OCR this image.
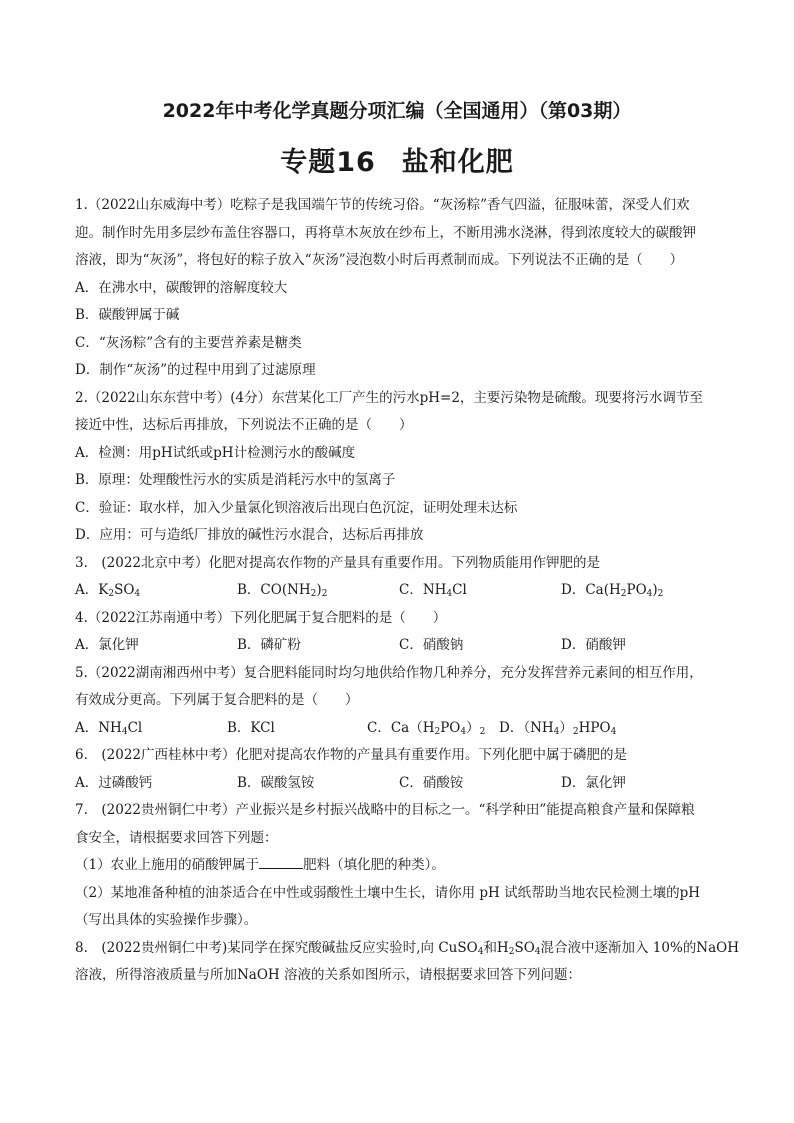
2022年中考化学真题分项汇编（全国通用）（第03期）
专题16 盐和化肥
1.（2022山东威海中考）吃粽子是我国端午节的传统习俗。“灰汤粽”香气四溢，征服味蕾，深受人们欢
迎。制作时先用多层纱布盖住容器口，再将草木灰放在纱布上，不断用沸水浇淋，得到浓度较大的碳酸钾
溶液，即为“灰汤”，将包好的粽子放入“灰汤”浸泡数小时后再煮制而成。下列说法不正确的是（　　）
A．在沸水中，碳酸钾的溶解度较大
B．碳酸钾属于碱
C．“灰汤粽”含有的主要营养素是糖类
D．制作“灰汤”的过程中用到了过滤原理
2.（2022山东东营中考）(4分）东营某化工厂产生的污水pH=2，主要污染物是硫酸。现要将污水调节至
接近中性，达标后再排放，下列说法不正确的是（　　）
A．检测：用pH试纸或pH计检测污水的酸碱度
B．原理：处理酸性污水的实质是消耗污水中的氢离子
C．验证：取水样，加入少量氯化钡溶液后出现白色沉淀，证明处理未达标
D．应用：可与造纸厂排放的碱性污水混合，达标后再排放
3.　(2022北京中考）化肥对提高农作物的产量具有重要作用。下列物质能用作钾肥的是
A．$K_2SO_4$	B．$CO(NH_2)_2$	C．$NH_4Cl$	D．$Ca(H_2PO_4)_2$
4.（2022江苏南通中考）下列化肥属于复合肥料的是（　　）
A．氯化钾	B．磷矿粉	C．硝酸钠	D．硝酸钾
5.（2022湖南湘西州中考）复合肥料能同时均匀地供给作物几种养分，充分发挥营养元素间的相互作用，
有效成分更高。下列属于复合肥料的是（　　）
A．$NH_4Cl$	B．KCl	C．$Ca(H_2PO_4)_2$	D．$(NH_4)_2HPO_4$
6.　(2022广西桂林中考）化肥对提高农作物的产量具有重要作用。下列化肥中属于磷肥的是
A．过磷酸钙	B．碳酸氢铵	C．硝酸铵	D．氯化钾
7.　(2022贵州铜仁中考）产业振兴是乡村振兴战略中的目标之一。“科学种田”能提高粮食产量和保障粮
食安全，请根据要求回答下列题：
（1）农业上施用的硝酸钾属于	肥料（填化肥的种类）。
（2）某地准备种植的油茶适合在中性或弱酸性土壤中生长，请你用 pH 试纸帮助当地农民检测土壤的pH
（写出具体的实验操作步骤）。
8.　(2022贵州铜仁中考)某同学在探究酸碱盐反应实验时,向 CuSO$_4$和$H_2SO_4$混合液中逐渐加入 10%的NaOH
溶液，所得溶液质量与所加NaOH 溶液的关系如图所示，请根据要求回答下列问题：
